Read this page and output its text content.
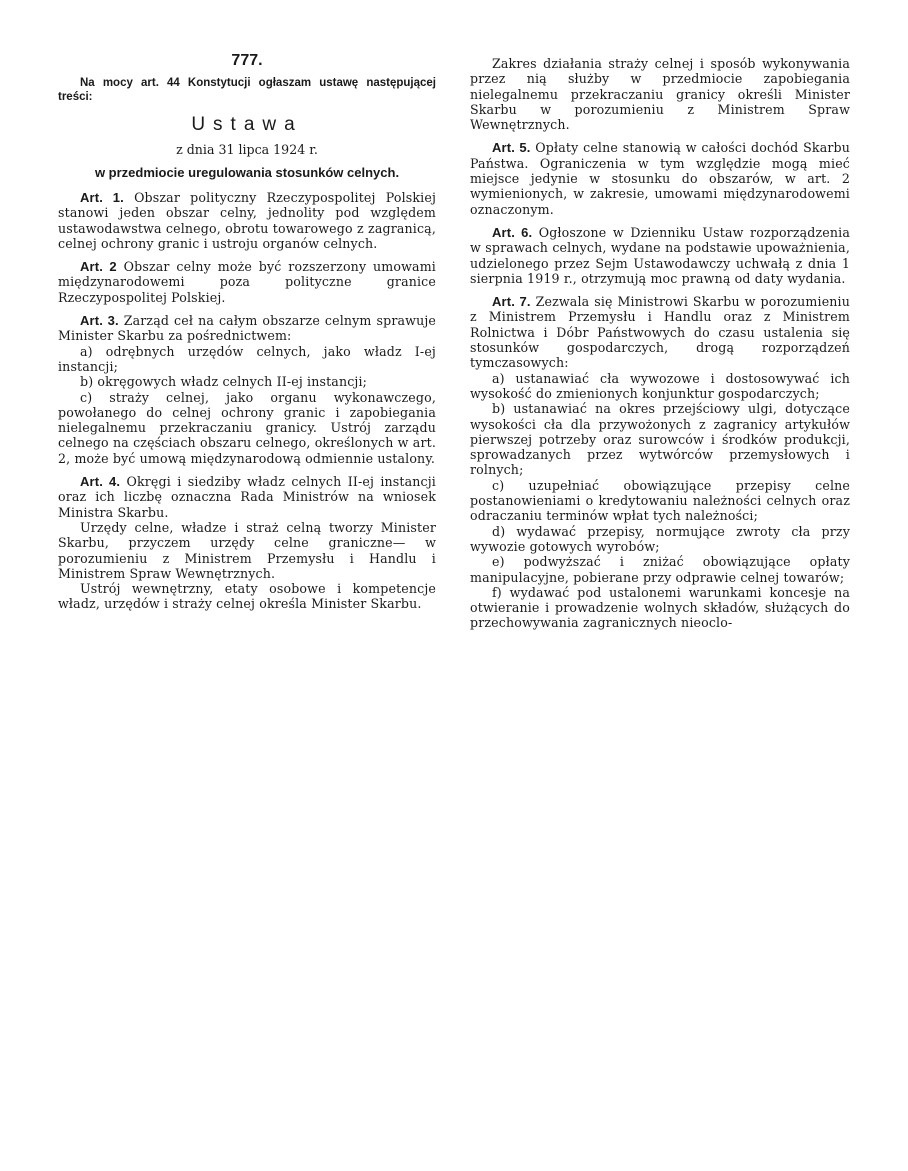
777.
Na mocy art. 44 Konstytucji ogłaszam ustawę następującej treści:
Ustawa
z dnia 31 lipca 1924 r.
w przedmiocie uregulowania stosunków celnych.

Art. 1. Obszar polityczny Rzeczypospolitej Polskiej stanowi jeden obszar celny, jednolity pod względem ustawodawstwa celnego, obrotu towarowego z zagranicą, celnej ochrony granic i ustroju organów celnych.

Art. 2 Obszar celny może być rozszerzony umowami międzynarodowemi poza polityczne granice Rzeczypospolitej Polskiej.

Art. 3. Zarząd ceł na całym obszarze celnym sprawuje Minister Skarbu za pośrednictwem:

a) odrębnych urzędów celnych, jako władz I-ej instancji;

b) okręgowych władz celnych II-ej instancji;

c) straży celnej, jako organu wykonawczego, powołanego do celnej ochrony granic i zapobiegania nielegalnemu przekraczaniu granicy. Ustrój zarządu celnego na częściach obszaru celnego, określonych w art. 2, może być umową międzynarodową odmiennie ustalony.

Art. 4. Okręgi i siedziby władz celnych II-ej instancji oraz ich liczbę oznaczna Rada Ministrów na wniosek Ministra Skarbu.

Urzędy celne, władze i straż celną tworzy Minister Skarbu, przyczem urzędy celne graniczne— w porozumieniu z Ministrem Przemysłu i Handlu i Ministrem Spraw Wewnętrznych.

Ustrój wewnętrzny, etaty osobowe i kompetencje władz, urzędów i straży celnej określa Minister Skarbu.

Zakres działania straży celnej i sposób wykonywania przez nią służby w przedmiocie zapobiegania nielegalnemu przekraczaniu granicy określi Minister Skarbu w porozumieniu z Ministrem Spraw Wewnętrznych.

Art. 5. Opłaty celne stanowią w całości dochód Skarbu Państwa. Ograniczenia w tym względzie mogą mieć miejsce jedynie w stosunku do obszarów, w art. 2 wymienionych, w zakresie, umowami międzynarodowemi oznaczonym.

Art. 6. Ogłoszone w Dzienniku Ustaw rozporządzenia w sprawach celnych, wydane na podstawie upoważnienia, udzielonego przez Sejm Ustawodawczy uchwałą z dnia 1 sierpnia 1919 r., otrzymują moc prawną od daty wydania.

Art. 7. Zezwala się Ministrowi Skarbu w porozumieniu z Ministrem Przemysłu i Handlu oraz z Ministrem Rolnictwa i Dóbr Państwowych do czasu ustalenia się stosunków gospodarczych, drogą rozporządzeń tymczasowych:

a) ustanawiać cła wywozowe i dostosowywać ich wysokość do zmienionych konjunktur gospodarczych;

b) ustanawiać na okres przejściowy ulgi, dotyczące wysokości cła dla przywożonych z zagranicy artykułów pierwszej potrzeby oraz surowców i środków produkcji, sprowadzanych przez wytwórców przemysłowych i rolnych;

c) uzupełniać obowiązujące przepisy celne postanowieniami o kredytowaniu należności celnych oraz odraczaniu terminów wpłat tych należności;

d) wydawać przepisy, normujące zwroty cła przy wywozie gotowych wyrobów;

e) podwyższać i zniżać obowiązujące opłaty manipulacyjne, pobierane przy odprawie celnej towarów;

f) wydawać pod ustalonemi warunkami koncesje na otwieranie i prowadzenie wolnych składów, służących do przechowywania zagranicznych nieoclo-
